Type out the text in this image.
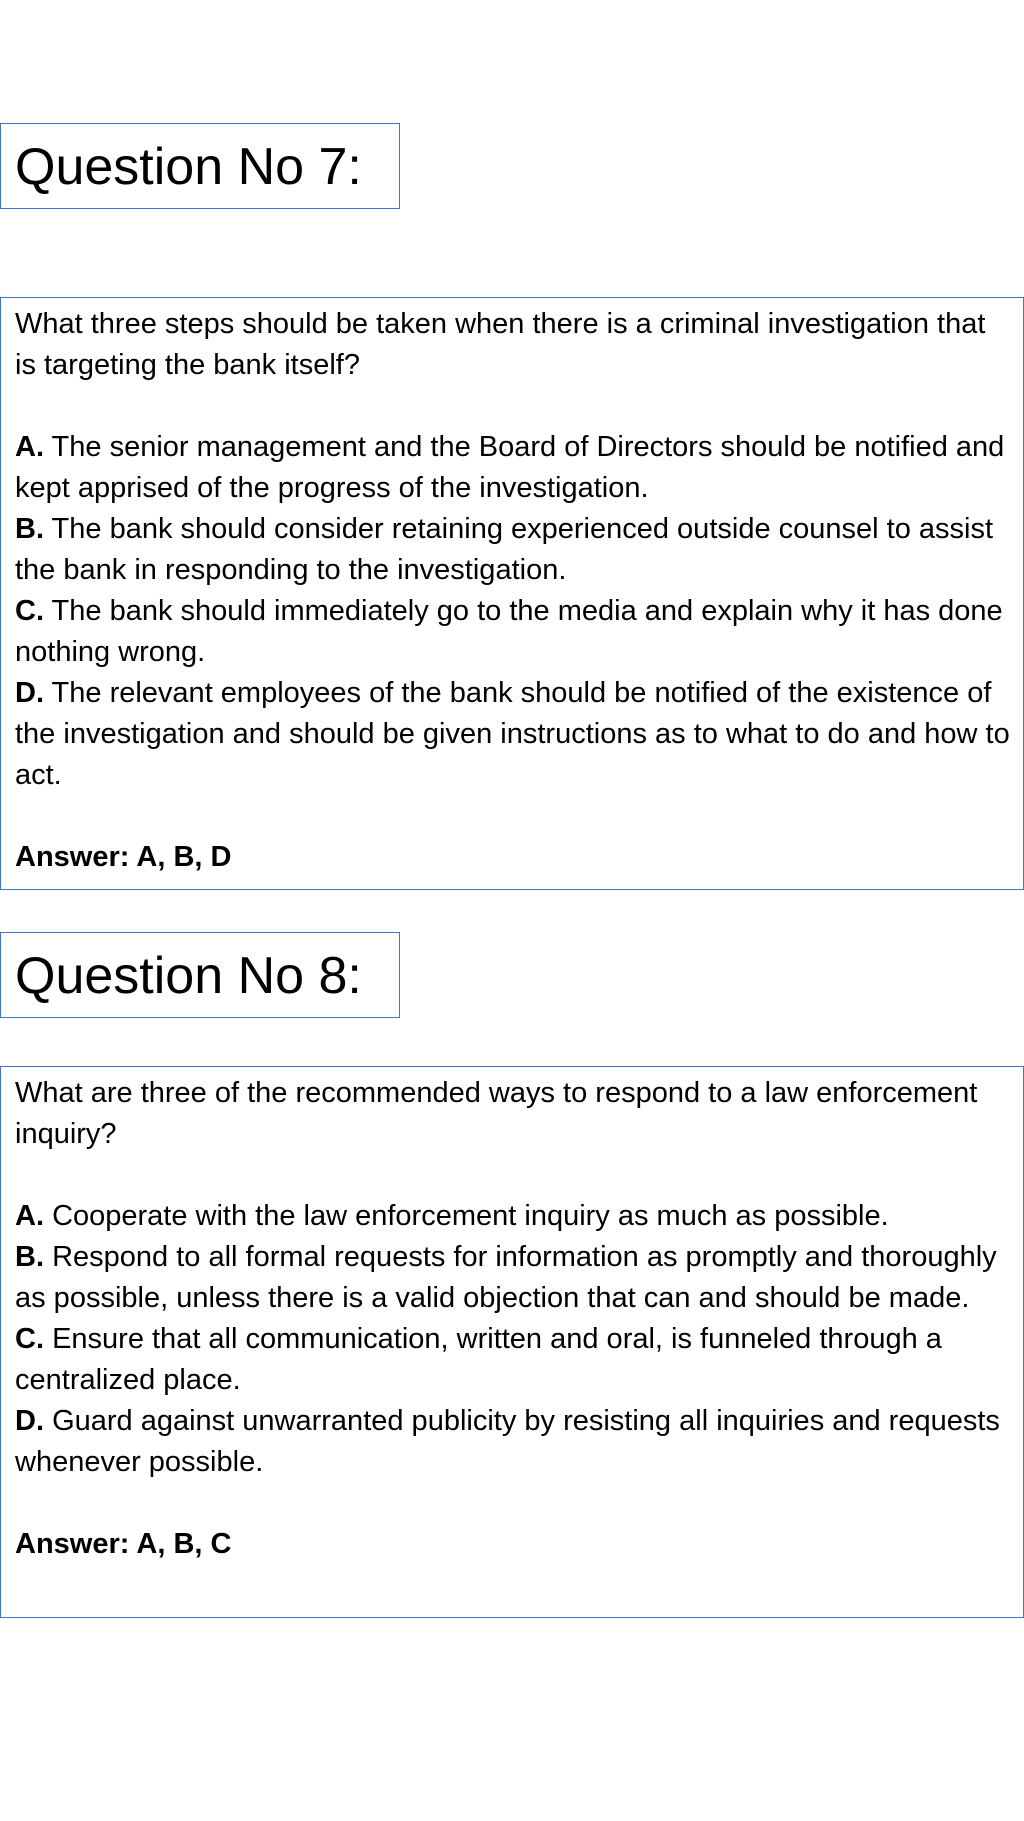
Question No 7:

What three steps should be taken when there is a criminal investigation that is targeting the bank itself?

A. The senior management and the Board of Directors should be notified and kept apprised of the progress of the investigation.

B. The bank should consider retaining experienced outside counsel to assist the bank in responding to the investigation.

C. The bank should immediately go to the media and explain why it has done nothing wrong.

D. The relevant employees of the bank should be notified of the existence of the investigation and should be given instructions as to what to do and how to act.

Answer: A, B, D

Question No 8:

What are three of the recommended ways to respond to a law enforcement inquiry?

A. Cooperate with the law enforcement inquiry as much as possible.

B. Respond to all formal requests for information as promptly and thoroughly as possible, unless there is a valid objection that can and should be made.

C. Ensure that all communication, written and oral, is funneled through a centralized place.

D. Guard against unwarranted publicity by resisting all inquiries and requests whenever possible.

Answer: A, B, C
